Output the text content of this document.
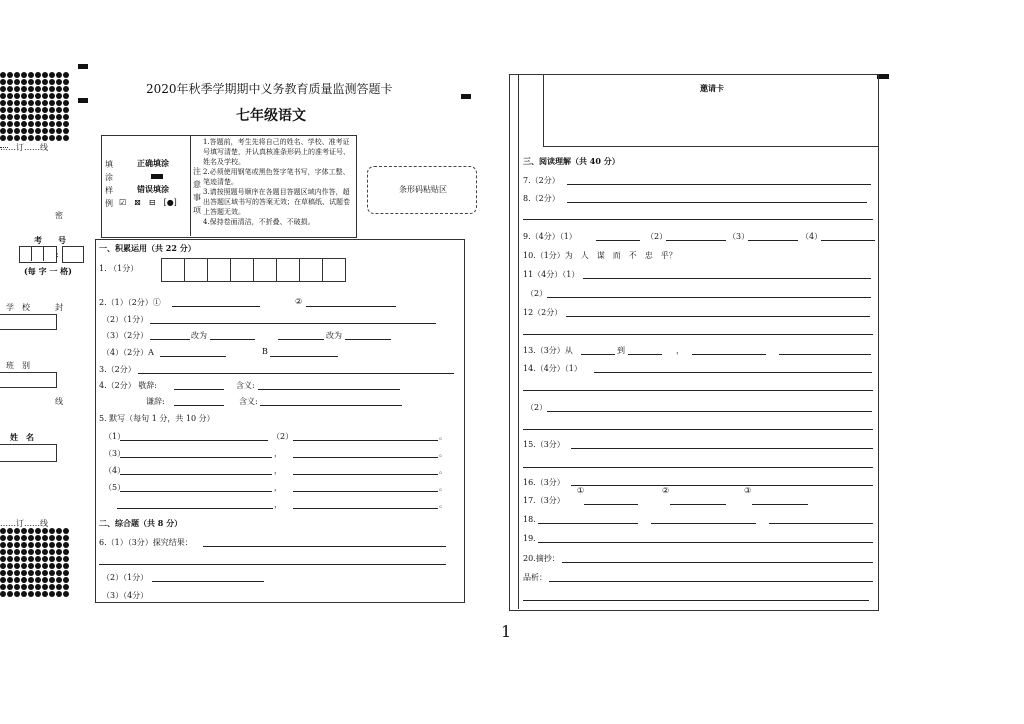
……订……线
密
考　　号
:
(每 字 一 格)
学　校	封
班　别
线
姓　名
……订……线
2020年秋季学期期中义务教育质量监测答题卡
七年级语文
填涂样例
正确填涂
错误填涂
☑　⊠　⊟　[●]
注意事项
1.答题前，考生先将自己的姓名、学校、准考证号填写清楚，并认真核准条形码上的准考证号、姓名及学校。
2.必须使用钢笔或黑色签字笔书写，字体工整、笔迹清楚。
3.请按照题号顺序在各题目答题区域内作答，超出答题区域书写的答案无效；在草稿纸、试题卷上答题无效。
4.保持卷面清洁，不折叠、不破损。
条形码粘贴区
一、积累运用（共 22 分）
1. （1分）
2.（1）（2分）①	②
（2）（1分）
（3）（2分）	改为	改为
（4）（2分）A	B
3.（2分）
4.（2分） 敬辞:	含义:
谦辞:	含义:
5. 默写（每句 1 分，共 10 分）
（1）	（2）	。
（3）	，	。
（4）	，	。
（5）	，	。
，	。
二、综合题（共 8 分）
6.（1）（3分）探究结果：
（2）（1分）
（3）（4分）
邀请卡
三、阅读理解（共 40 分）
7.（2分）
8.（2分）
9.（4分）（1）	（2）	（3）	（4）
10.（1分）为　人　谋　而　不　忠　乎？
11（4分）（1）
（2）
12（2分）
13.（3分）从	到	，
14.（4分）（1）
（2）
15.（3分）
16.（3分）
17.（3分）
①	②	③
18.
19.
20.摘抄：
品析：
1
